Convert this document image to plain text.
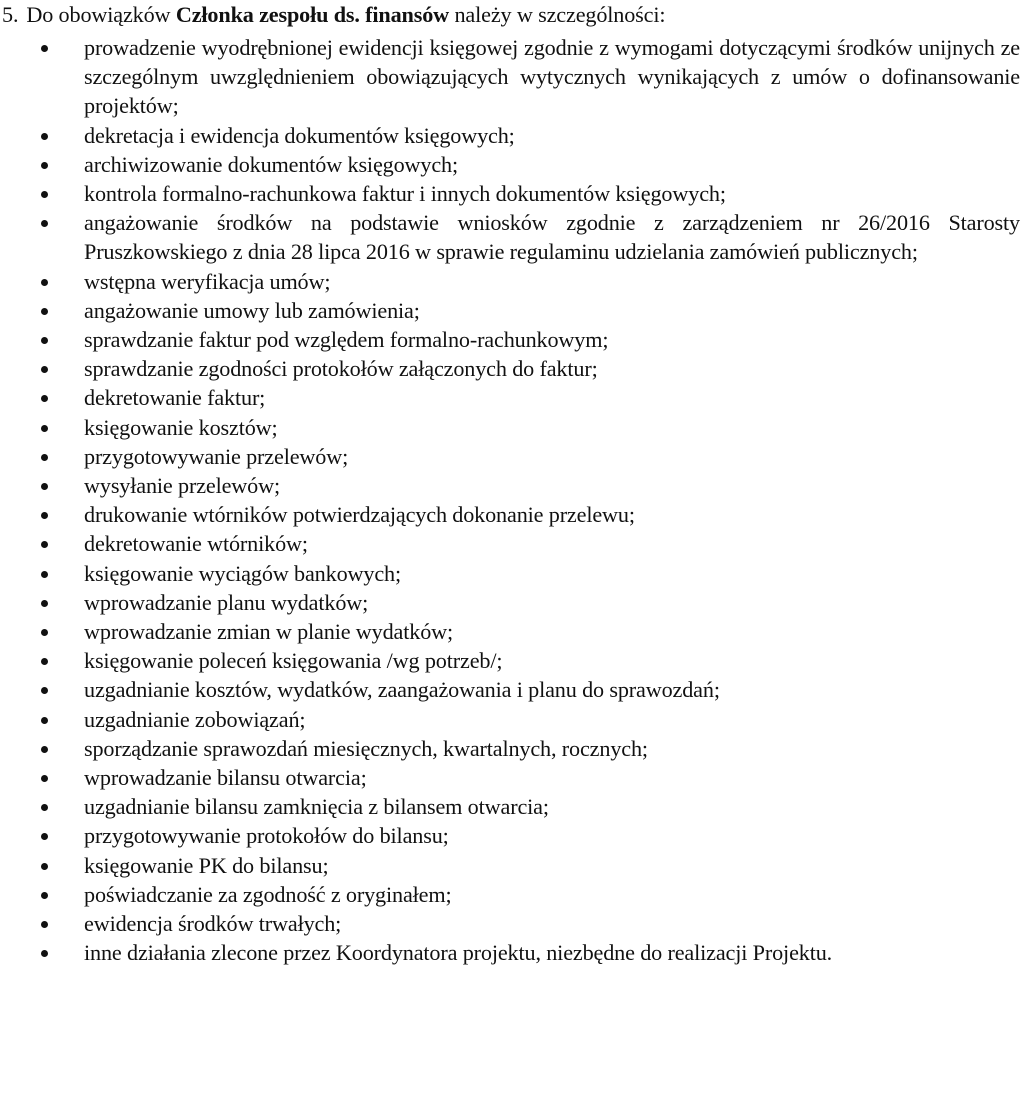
5. Do obowiązków Członka zespołu ds. finansów należy w szczególności:
prowadzenie wyodrębnionej ewidencji księgowej zgodnie z wymogami dotyczącymi środków unijnych ze szczególnym uwzględnieniem obowiązujących wytycznych wynikających z umów o dofinansowanie projektów;
dekretacja i ewidencja dokumentów księgowych;
archiwizowanie dokumentów księgowych;
kontrola formalno-rachunkowa faktur i innych dokumentów księgowych;
angażowanie środków na podstawie wniosków zgodnie z zarządzeniem nr 26/2016 Starosty Pruszkowskiego z dnia 28 lipca 2016 w sprawie regulaminu udzielania zamówień publicznych;
wstępna weryfikacja umów;
angażowanie umowy lub zamówienia;
sprawdzanie faktur pod względem formalno-rachunkowym;
sprawdzanie zgodności protokołów załączonych do faktur;
dekretowanie faktur;
księgowanie kosztów;
przygotowywanie przelewów;
wysyłanie przelewów;
drukowanie wtórników potwierdzających dokonanie przelewu;
dekretowanie wtórników;
księgowanie wyciągów bankowych;
wprowadzanie planu wydatków;
wprowadzanie zmian w planie wydatków;
księgowanie poleceń księgowania /wg potrzeb/;
uzgadnianie kosztów, wydatków, zaangażowania i planu do sprawozdań;
uzgadnianie zobowiązań;
sporządzanie sprawozdań miesięcznych, kwartalnych, rocznych;
wprowadzanie bilansu otwarcia;
uzgadnianie bilansu zamknięcia z bilansem otwarcia;
przygotowywanie protokołów do bilansu;
księgowanie PK do bilansu;
poświadczanie za zgodność z oryginałem;
ewidencja środków trwałych;
inne działania zlecone przez Koordynatora projektu, niezbędne do realizacji Projektu.
